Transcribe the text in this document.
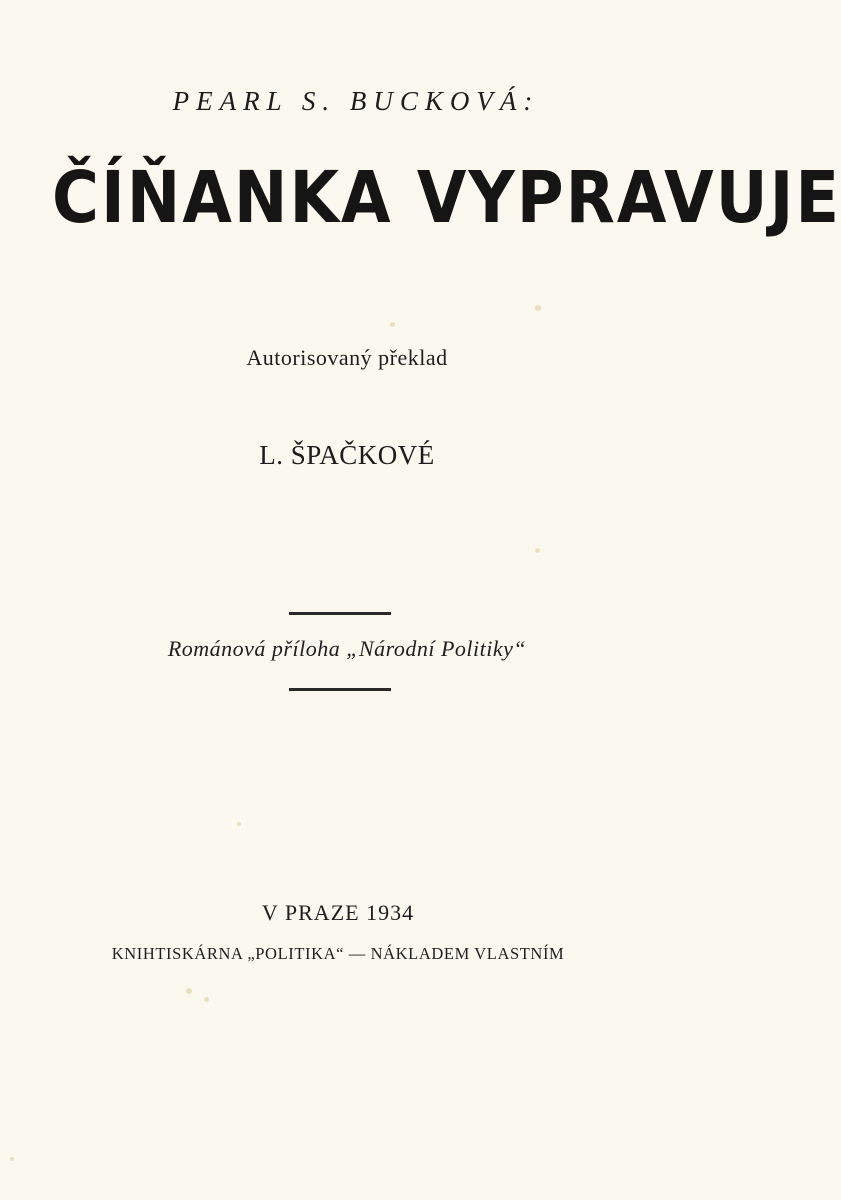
PEARL S. BUCKOVÁ:
ČÍŇANKA VYPRAVUJE
Autorisovaný překlad
L. ŠPAČKOVÉ
Románová příloha „Národní Politiky“
V PRAZE 1934
KNIHTISKÁRNA „POLITIKA“ — NÁKLADEM VLASTNÍM
